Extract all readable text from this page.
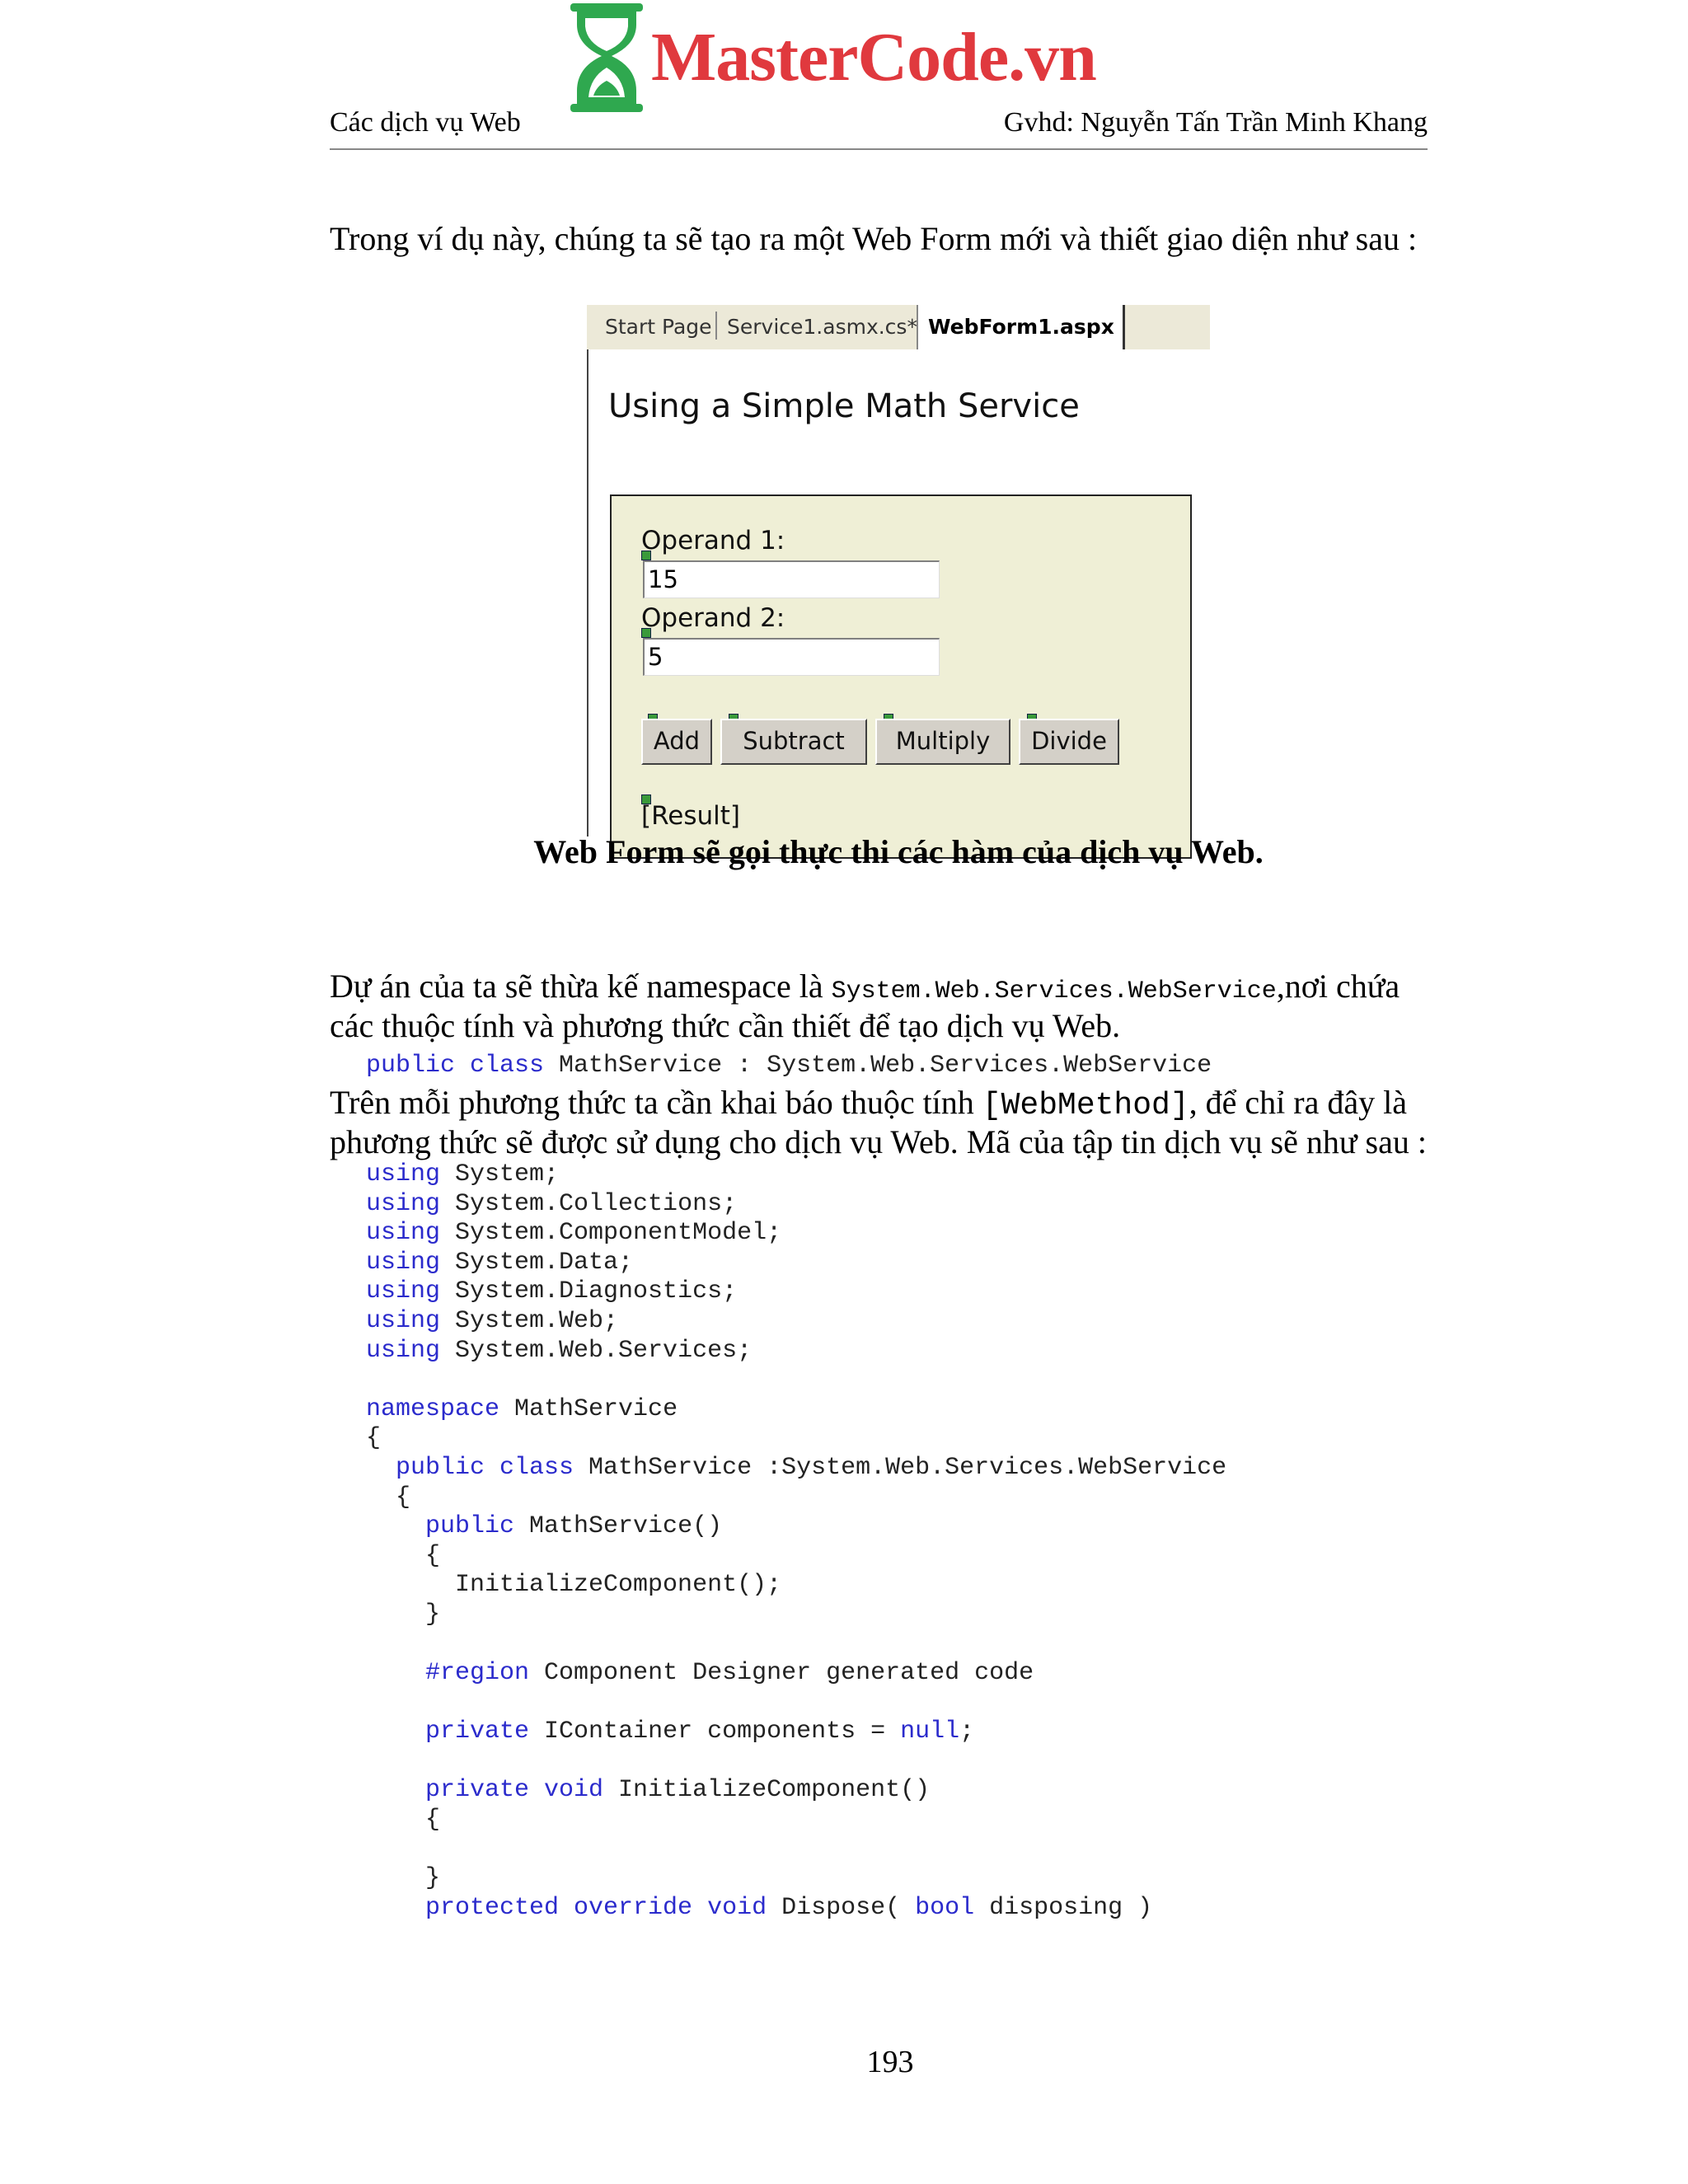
MasterCode.vn
Các dịch vụ Web	Gvhd: Nguyễn Tấn Trần Minh Khang
Trong ví dụ này, chúng ta sẽ tạo ra một Web Form mới và thiết giao diện như sau :
Start Page Service1.asmx.cs* WebForm1.aspx
Using a Simple Math Service
Operand 1:
15
Operand 2:
5
Add	Subtract	Multiply	Divide
[Result]
Web Form sẽ gọi thực thi các hàm của dịch vụ Web.
Dự án của ta sẽ thừa kế namespace là System.Web.Services.WebService,nơi chứa
các thuộc tính và phương thức cần thiết để tạo dịch vụ Web.
public class MathService : System.Web.Services.WebService
Trên mỗi phương thức ta cần khai báo thuộc tính [WebMethod], để chỉ ra đây là
phương thức sẽ được sử dụng cho dịch vụ Web. Mã của tập tin dịch vụ sẽ như sau :
using System;
using System.Collections;
using System.ComponentModel;
using System.Data;
using System.Diagnostics;
using System.Web;
using System.Web.Services;
namespace MathService
{
public class MathService :System.Web.Services.WebService
{
public MathService()
{
InitializeComponent();
}
#region Component Designer generated code
private IContainer components = null;
private void InitializeComponent()
{
}
protected override void Dispose( bool disposing )
193
